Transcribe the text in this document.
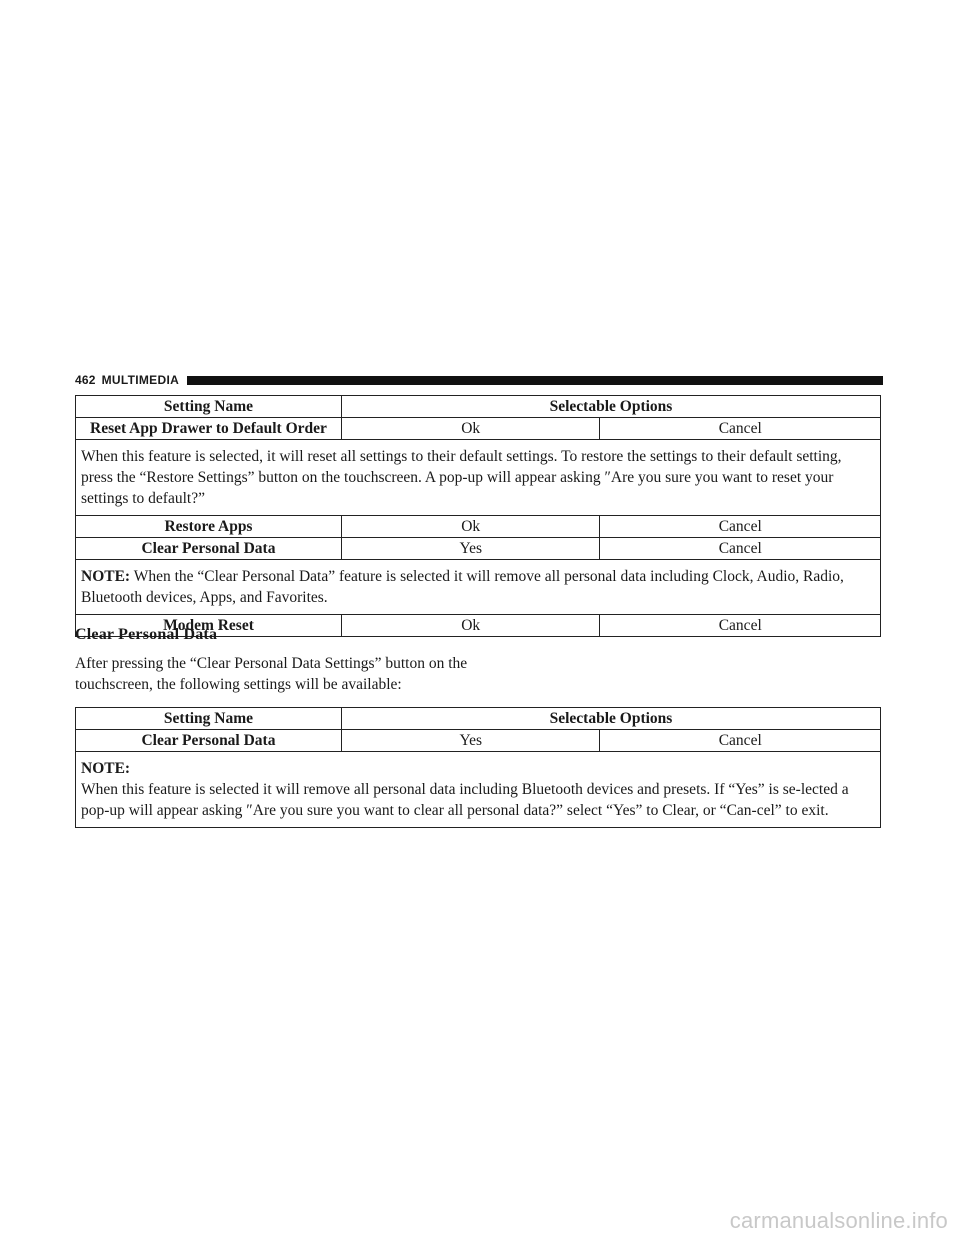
462 MULTIMEDIA
Setting Name	Selectable Options	
Reset App Drawer to Default Order	Ok	Cancel
When this feature is selected, it will reset all settings to their default settings. To restore the settings to their default setting, press the “Restore Settings” button on the touchscreen. A pop-up will appear asking ″Are you sure you want to reset your settings to default?”		
Restore Apps	Ok	Cancel
Clear Personal Data	Yes	Cancel
NOTE: When the “Clear Personal Data” feature is selected it will remove all personal data including Clock, Audio, Radio, Bluetooth devices, Apps, and Favorites.		
Modem Reset	Ok	Cancel
Clear Personal Data
After pressing the “Clear Personal Data Settings” button on the touchscreen, the following settings will be available:
Setting Name	Selectable Options	
Clear Personal Data	Yes	Cancel
NOTE:
When this feature is selected it will remove all personal data including Bluetooth devices and presets. If “Yes” is se-lected a pop-up will appear asking ″Are you sure you want to clear all personal data?” select “Yes” to Clear, or “Can-cel” to exit.		
carmanualsonline.info
